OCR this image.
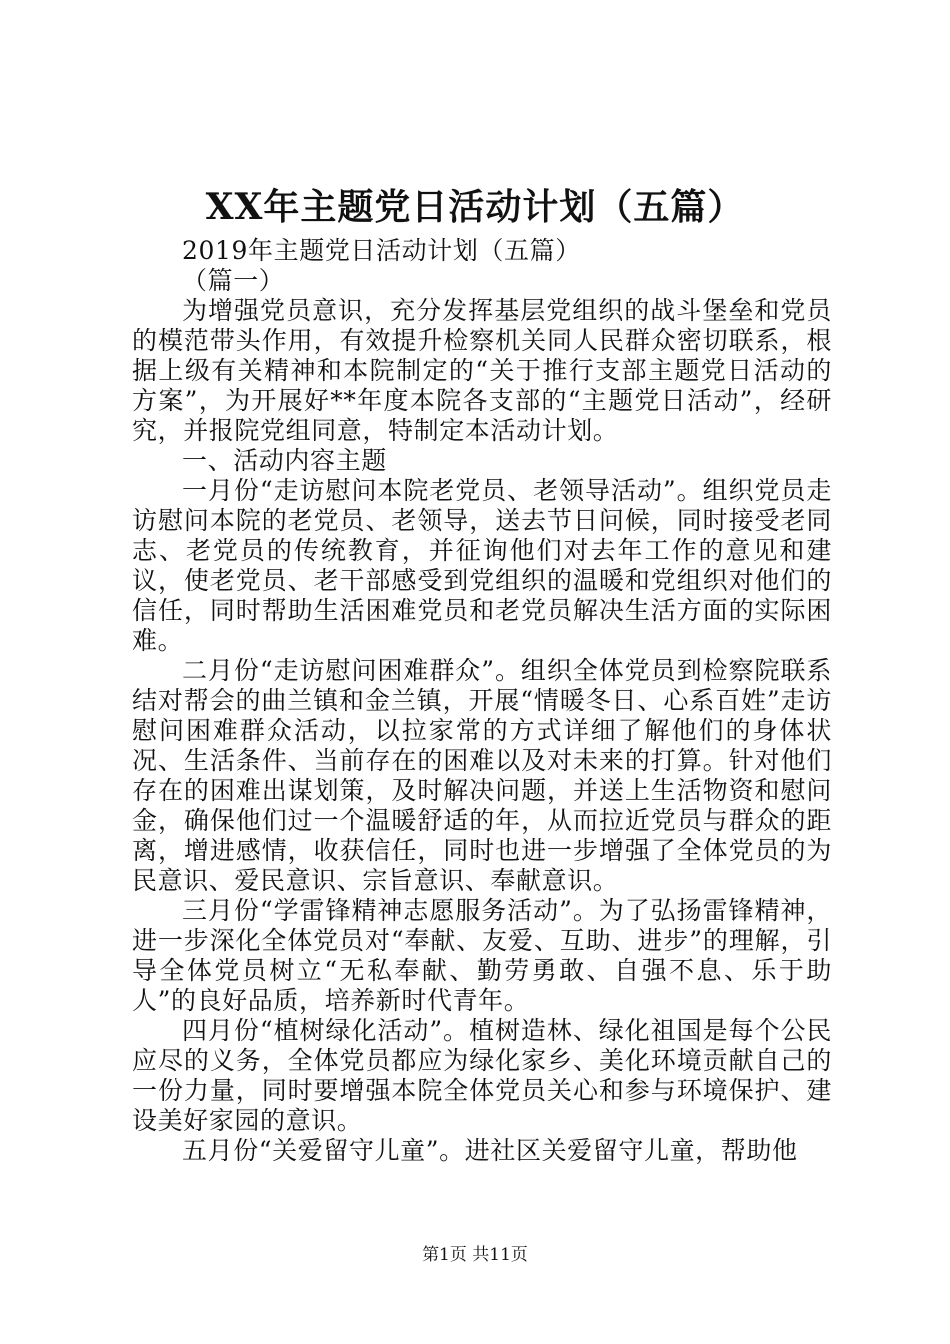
XX年主题党日活动计划（五篇）

2019年主题党日活动计划（五篇）

（篇一）

为增强党员意识，充分发挥基层党组织的战斗堡垒和党员的模范带头作用，有效提升检察机关同人民群众密切联系，根据上级有关精神和本院制定的“关于推行支部主题党日活动的方案”，为开展好**年度本院各支部的“主题党日活动”，经研究，并报院党组同意，特制定本活动计划。

一、活动内容主题

一月份“走访慰问本院老党员、老领导活动”。组织党员走访慰问本院的老党员、老领导，送去节日问候，同时接受老同志、老党员的传统教育，并征询他们对去年工作的意见和建议，使老党员、老干部感受到党组织的温暖和党组织对他们的信任，同时帮助生活困难党员和老党员解决生活方面的实际困难。

二月份“走访慰问困难群众”。组织全体党员到检察院联系结对帮会的曲兰镇和金兰镇，开展“情暖冬日、心系百姓”走访慰问困难群众活动，以拉家常的方式详细了解他们的身体状况、生活条件、当前存在的困难以及对未来的打算。针对他们存在的困难出谋划策，及时解决问题，并送上生活物资和慰问金，确保他们过一个温暖舒适的年，从而拉近党员与群众的距离，增进感情，收获信任，同时也进一步增强了全体党员的为民意识、爱民意识、宗旨意识、奉献意识。

三月份“学雷锋精神志愿服务活动”。为了弘扬雷锋精神，进一步深化全体党员对“奉献、友爱、互助、进步”的理解，引导全体党员树立“无私奉献、勤劳勇敢、自强不息、乐于助人”的良好品质，培养新时代青年。

四月份“植树绿化活动”。植树造林、绿化祖国是每个公民应尽的义务，全体党员都应为绿化家乡、美化环境贡献自己的一份力量，同时要增强本院全体党员关心和参与环境保护、建设美好家园的意识。

五月份“关爱留守儿童”。进社区关爱留守儿童，帮助他

第1页 共11页
